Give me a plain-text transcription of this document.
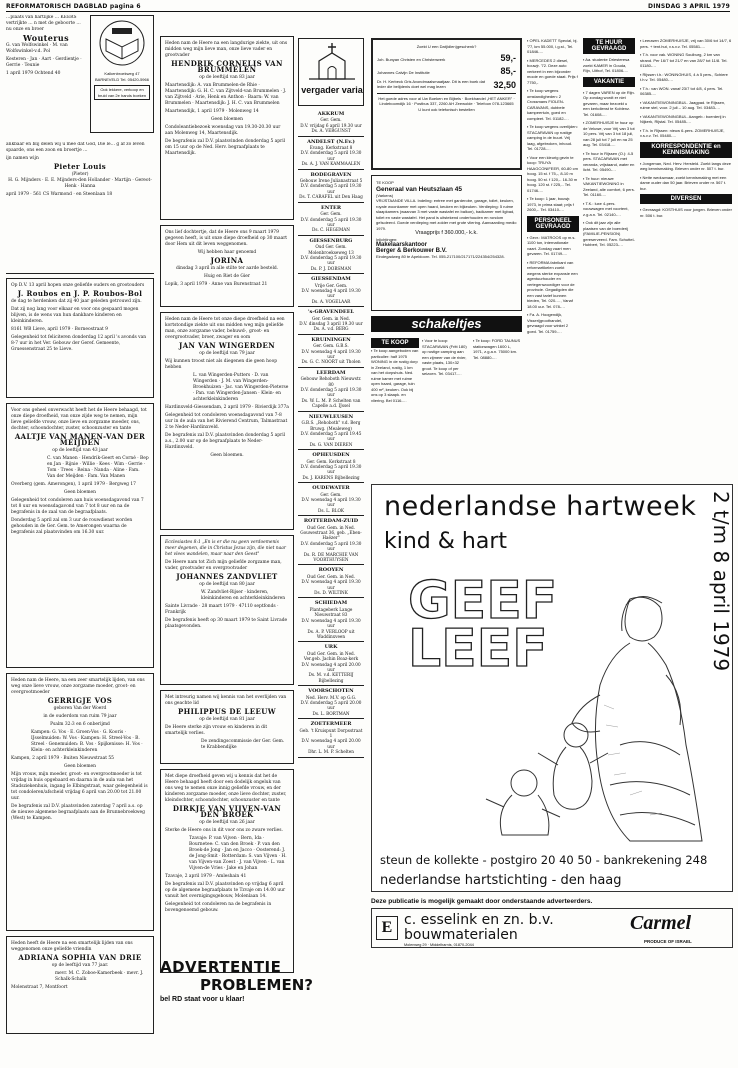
REFORMATORISCH DAGBLAD pagina 6	DINSDAG 3 APRIL 1979

…plaats van hartlijke … KEERS vertrijkte … n met de geboorte … nu onze en broer

Wouterus

G. van Wolfswinkel · M. van Wolfswinkel-v.d. Pol

Kesteren · Jan · Aart · Gerdientje · Gerrie · Teunie

1 april 1979 Ochtend 40	Kalkenbroekweg 47 BARNEVELD Tel. 05420-5966
Ook lekkere, verkoop en bruid van 2e hands boeken

ankbaar en blij delen wij u mee dat God, Die le… g af zo leven spaarde, ons een zoon en broertje …

ijn namen wijn

Pieter Louis
(Pieter)

H. G. Mijnders · E. E. Mijnders-den Hollander · Martijn · Gereot-Henk · Hanna

april 1979 · 561 CS Warmond · en Steenlaan 18

Op D.V. 13 april hopen onze geliefde ouders en grootouders

J. Roubos en J. P. Roubos-Bol

de dag te herdenken dat zij 40 jaar geleden getrouwd zijn.

Dat zij nog lang voor elkaar en voor ons gespaard mogen blijven, is de wens van hun dankbare kinderen en kleinkinderen.

8161 WB Lieve, april 1979 · Borneostraat 9

Gelegenheid tot feliciteren donderdag 12 april 's avonds van 8-7 uur in het Ver. Gebouw der Geref. Gemeente, Gruessenstraat 25 te Lieve.

Voor ons geheel onverwacht heeft het de Heere behaagd, tot onze diepe droefheid, van onze zijde weg te nemen, mijn lieve geliefde vrouw, onze lieve en zorgzame moeder, ons, dochter, schoondochter, zuster, schoonzuster en tante

AALTJE VAN MANEN-VAN DER MEIJDEN

op de leeftijd van 43 jaar

C. van Manen · Hendrik-Geert en Corné · Bep en Jan · Rijnie · Willie · Kees · Wim · Gerrie · Tom · Trees · Reina · Nanda · Aline · Fam. Van der Meijden · Fam. Van Manen

Overberg (gem. Amerongen), 1 april 1979 · Bergweg 17

Geen bloemen

Gelegenheid tot condoleren aan huis woensdagavond van 7 tot 8 uur en woensdagavond van 7 tot 8 uur en na de begrafenis in de zaal van de begraafplaats.

Donderdag 5 april zal om 3 uur de rouwdienst worden gehouden in de Ger. Gem. te Amerongen waarna de begrafenis zal plaatsvinden om 16.30 uur.

Heden nam de Heere, na een zeer smartelijk lijden, van ons weg onze lieve vrouw, onze zorgzame moeder, groot- en overgrootmoeder

GERRIGJE VOS

geboren Van der Woerd

in de ouderdom van ruim 79 jaar

Psalm 32:3 en 6 onberijmd

Kampen: G. Vos · E. Groen-Vos · G. Kooris · IJsselmuiden: W. Vos · Kampen: H. Streel-Vos · B. Streel · Genemuiden: B. Vos · Spijkenisse: H. Vos · Klein- en achterkleinkinderen

Kampen, 2 april 1979 · Buiten Nieuwstraat 55

Geen bloemen

Mijn vrouw, mijn moeder, groot- en overgrootmoeder is tot vrijdag in huis opgebaard en daarna in de aula van het Stadsziekenhuis, ingang Ie Elbingstraat, waar gelegenheid is tot condoleren/afscheid vrijdag 6 april van 20.00 tot 21.00 uur.

De begrafenis zal D.V. plaatsvinden zaterdag 7 april a.s. op de nieuwe algemene begraafplaats aan de Brunnebroekweg (West) te Kampen.

Heden heeft de Heere na een smartelijk lijden van ons weggenomen onze geliefde vriendin

ADRIANA SOPHIA VAN DRIE

op de leeftijd van 77 jaar.

mevr. M. C. Zoboe-Kamerbeek · mevr. J. Schalk-Schalk

Molenstraat 7, Montfoort

Heden nam de Heere na een langdurige ziekte, uit ons midden weg mijn lieve man, onze lieve vader en grootvader

HENDRIK CORNELIS VAN BRUMMELEN

op de leeftijd van 83 jaar

Maartensdijk: A. van Brummelen-de Rhie · Maartensdijk: G. H. C. van Zijtveld-van Brummelen · J. van Zijtveld · Arie, Henk en Anthon · Baarn: W. van Brummelen · Maartensdijk: J. H. C. van Brummelen

Maartensdijk, 1 april 1979 · Molenweg 14

Geen bloemen

Condoleantiebezoek woensdag van 19.30-20.30 uur aan Molenweg 14, Maartensdijk.

De begrafenis zal D.V. plaatsvinden donderdag 5 april om 15 uur op de Ned. Herv. begraafplaats te Maartensdijk.

Ons lief dochtertje, dat de Heere ons 9 maart 1979 gegeven heeft, is uit onze diepe droefheid op 30 maart door Hem uit dit leven weggenomen.

Wij hebben haar genoemd

JORINA

dinsdag 3 april in alle stilte ter aarde besteld.

Huig en Riet de Gier

Lopik, 3 april 1979 · Anne van Burenstraat 21

Heden nam de Heere tot onze diepe droefheid na een kortstondige ziekte uit ons midden weg mijn geliefde man, onze zorgzame vader, behuwd-, groot- en overgrootvader, broer, zwager en oom

JAN VAN WINGERDEN

op de leeftijd van 79 jaar

Wij kunnen troost niet als diegenen die geen hoop hebben

L. van Wingerden-Putters · D. van Wingerden · J. M. van Wingerden-Broekhuizen · Jac. van Wingerden-Pieterse · Pan. van Wingerden-Jansen · Klein- en achterkleinkinderen

Hardinxveld-Giessendam, 2 april 1979 · Rivierdijk 377a

Gelegenheid tot condoleren woensdagavond van 7-8 uur in de aula van het Rivierend Centrum, Talmastraat 2 te Neder-Hardinxveld.

De begrafenis zal D.V. plaatsvinden donderdag 5 april a.s., 2.00 uur op de begraafplaats te Neder-Hardinxveld.

Geen bloemen.

Ecclesiastes 8:1 „En is er die nu geen verdoemenis meer degenen, die in Christus Jezus zijn, die niet naar het vlees wandelen, maar naar den Geest"

De Heere nam tot Zich mijn geliefde zorgzame man, vader, grootvader en overgrootvader

JOHANNES ZANDVLIET

op de leeftijd van 80 jaar

W. Zandvliet-Rijser · kinderen, kleinkinderen en achterkleinkinderen

Sainte Livrade · 28 maart 1979 · 47110 septfonds · Frankrijk

De begrafenis heeft op 30 maart 1979 te Saint Livrade plaatsgevonden.

Met intreurig namen wij kennis van het overlijden van ons geachte lid

PHILIPPUS DE LEEUW

op de leeftijd van 81 jaar

De Heere sterke zijn vrouw en kinderen in dit smartelijk verlies.

De zendingscommissie der Ger. Gem. te Krabbendijke

Met diepe droefheid geven wij u kennis dat het de Heere behaagd heeft door een dodelijk ongeluk van ons weg te nemen onze innig geliefde vrouw, en der kinderen zorgzame moeder, onze lieve dochter, zuster, kleindochter, schoondochter, schoonzuster en tante

DIRKJE VAN VIJVEN-VAN DEN BROEK

op de leeftijd van 26 jaar

Sterke de Heere ons in dit voor ons zo zware verlies.

Tzavaje: P. van Vijven · Bern, Ida · Bournetee: C. van den Broek · P. van den Broek-de Jong · Jan en Jacco · Oosterend: J. de Jong-Smit · Rotterdam: S. van Vijven · H. van Vijven-van Zoest · J. van Vijven · L. van Vijven-de Vries · Jake en Johan

Tzavaje, 2 april 1979 · Amleshain 41

De begrafenis zal D.V. plaatsvinden op vrijdag 6 april op de algemene begraafplaats te Tzvaje om 14.00 uur vanuit het overnigingsgebouw, Molenlaan 14.

Gelegenheid tot condoleren na de begrafenis in bovengenoemd gebouw.

ADVERTENTIE
PROBLEMEN?
bel RD staat voor u klaar!
vergader varia
AKKRUM
Ger. Gem.
D.V. vrijdag 6 april 19.30 uur
Ds. A. VERGUNST
ANDELST (N.Ev.)
Evang. Kerkstraat 8
D.V. donderdag 5 april 19.30 uur
Ds. A. J. VAN KAMMAALEN
BODEGRAVEN
Gebouw Irene Julianastraat 5
D.V. donderdag 5 april 19.30 uur
Ds. T. CARAFEL uit Den Haag
ENTER
Ger. Gem.
D.V. donderdag 5 april 19.30 uur
Ds. C. HEGEMAN
GIESSENBURG
Oud Ger. Gem. Molenbroekseweg 13
D.V. donderdag 5 april 19.30 uur
Ds. P. J. DOBSMAN
GIESSENDAM
Vrije Ger. Gem.
D.V. woensdag 4 april 19.30 uur
Ds. A. VOGELAAR
's-GRAVENDEEL
Ger. Gem. in Ned.
D.V. dinsdag 3 april 19.30 uur
Ds. A. v.d. BERG
KRUININGEN
Ger. Gem. G.B.S.
D.V. woensdag 4 april 19.30 uur
Ds. G. C. NOORT uit Tholen
LEERDAM
Gebouw Rehoboth Nieuwstr. 80
D.V. donderdag 5 april 19.30 uur
Ds. W. L. M. P. Schelten van Capelle a.d. IJssel
NIEUWLEUSEN
G.B.S. „Rehoboth" v.d. Berg Bruwg. (Mealeweg)
D.V. donderdag 5 april 19.45 uur
Ds. G. VAN DIEREN
OPHEUSDEN
Ger. Gem. Kerkstraat 8
D.V. donderdag 5 april 19.30 uur
Ds. J. KARENS Bijbellezing
OUDEWATER
Ger. Gem.
D.V. woensdag 4 april 19.30 uur
Ds. L. BLOK
ROTTERDAM-ZUID
Oud Ger. Gem. in Ned. Gouwestraat 36, geb. „Eben-Haëzer"
D.V. donderdag 5 april 19.30 uur
Ds. R. DE MARCHIE VAN VOORTHUYSEN
ROOYEN
Oud Ger. Gem. in Ned.
D.V. woensdag 4 april 19.30 uur
Ds. D. WILTINK
SCHIEDAM
Plantageberk Lange Nieuwstraat 83
D.V. woensdag 4 april 19.30 uur
Ds. A. P. VERLOOP uit Waddinxveen
URK
Oud Ger. Gem. in Ned. Ver.geb. Jachin Boaz-kerk
D.V. woensdag 4 april 20.00 uur
Ds. M. v.d. KETTERIJ Bijbellezing
VOORSCHOTEN
Ned. Herv. M.V. op G.G.
D.V. donderdag 5 april 20.00 uur
Ds. L. BORTMAN
ZOETERMEER
Geb. 't Kruispunt Dorpsstraat 1
D.V. woensdag 4 april 20.00 uur
Dhr. L. M. P. Schelten
Zoekt U een Dat(idlen)geschenk?
Joh. Bunyan Christen en Christenwerk	59,-
Johannes Calvijn De Institutie	85,-
Dr. H. Kerbeck Gris Avondmaalsmaatjaar. Dit is een boek dat ieder die belijdenis doet wel mag lezen	32,50
Het goede adres voor al Uw Boeken en Bijbels · Boekhandel „HET ANKER" · Lindeboomdijk 16 · Postbus 337, 2260 AH Zeewolde · Telefoon 078-123665
U kunt ook telefonisch bestellen
TE KOOP
Generaal van Heutszlaan 45
(Varkens)
VRIJSTAANDE VILLA. Indeling: entree met garderobe, garage, toilet, keuken, royale woonkamer met open haard, keuken en bijkeuken. Verdieping: 5 ruime slaapkamers (waarvan 3 met vaste wastafel en balkon), badkamer met ligbad, toilet en vaste wastafel. Het pand is uitstekend onderhouden en rondom geïsoleerd. Goede verdieping met zolder met grote vliering. Aanvaarding medio 1979.
Vraagprijs f 360.000,- k.k.
Inlichtingen:
Makelaarskantoor
Berger & Berkouwer B.V.
Eindegadweg 80 te Apeldoorn. Tel. 055-217100/217171/224354/254328.
schakeltjes
TE KOOP
▪ Te koop aangeboden van particulier: half 1975 WONING in de rustig dorp in Zeeland, rustig, 1 km van het dorpshuis. Ned. ruime kamer met ruime open haard, garage, tuin 400 m², keuken. Ook bij ons op 3 slaapk. en vliering. Bel 0116-…
▪ Voor te koop: STACARAVAN (Fritt 180) op rustige camping aan een zijmeer van de rivier, vaste plaats, 130×32 groot. Te koop of per seizoen. Tel. 03417-…
▪ Te koop: FORD TAUNUS stationwagen 1600 L, 1971, z.g.a.n. 75000 km. Tel. 08880-…
▪ OPEL KADETT Special, bj. '77, km 55.000, i.g.st., Tel. 01846-…
▪ MERCEDES 2 diesel, bouwjr. '72. Deze auto verkeert in een bijzonder mooie en goede staat. Prijs f 7750,-
▪ Te koop wegens omstandigheden: 2 Crossmans FIOLEN-CARAVANS, dubbele kampeertuin, goed en compleet. Tel. 01182-…
▪ Te koop wegens overlijden: STACARAVAN op rustige camping in de buurt. Vrij laag, afgebroken, inhoud. Tel. 01728-…
▪ Voor een kleurig gezin te koop: TRUYA HAAGCONIFEER, 60-80 cm hoog. 15 st. f 75,-, 8-10 m hoog. 50 st. f 120,-. 16-30 m hoog. 120 st. f 225,-. Tel. 01746-…
▪ Te koop: 1 jaar, bouwjr. 1973, in prima staat; prijs f 2600,-. Tel. 03410-…
PERSONEEL GEVRAAGD
▪ Gevr.: MATROOS op m.s. 1100 ton, internationale vaart. Zondag vaart men gevaren. Tel. 01749-…
▪ REFORMA fabrikant van reformartikelen zoekt wegens sterke expansie een agentuurhouder en vertegenwoordiger voor de provincie. Gegadigden die een vast tarief kunnen bieden, Tel. 020-…, Vanaf 18.00 uur. Tel. 078-…
▪ Fa. A. Hoogendijk, Visserijgroothandel, gevraagd voor winkel 2 goed. Tel. 01759-…
TE HUUR GEVRAAGD
▪ Aa. studente Driesteresa zoekt KAMER in Gouda, Rijn, Uithof, Tel. 01806-…
VAKANTIE
▪ 7 dagen VAREN op de Rijn. Op zondag wordt er niet gevaren, maar bezoekt u een kerkdienst te Koblenz. Tel. 01608-…
▪ ZOMERHUISJE te huur op de Veluwe, voor Vrij van 3 tot 10 pers. Vrij van 3 tot 18 juli, van 28 juli tot 7 juli en na 25 aug. Tel. 03418-…
▪ Te huur in Rijssen (O.): 4-5 pers. STACARAVAN met veranda, vrijstaand, water en licht. Tel. 05490-…
▪ Te huur: nieuwe VAKANTIEWONING in Zeeland, alle comfort, 6 pers. Tel. 01160-…
▪ T.K.: luxe 4-pers. vouwwagen met voortent, z.g.a.n. Tel. 02140-…
▪ Ook dit jaar zijn alle plaatsen van de boerderij (FAMILIE-PENSION) gereserveerd. Fam. Schuttel-Hubbert, Tel. 05223-…
▪ Leeuwen ZOMERHUISJE, vrij van 30/6 tot 14/7, 6 pers. + tent.hut, v.s.v.v. Tel. 05581-…
▪ T.h. voor vak. WONING Soulburg, 2 km van strand. Per 16/7 tot 21/7 en van 28/7 tot 11/8. Tel. 01180-…
▪ Rijssen t.h.: WONINGHUIS, 4 à 5 pers., Schiere t.h.v. Tel. 05480-…
▪ T.h.: van WON. vanaf 23/7 tot 4/8, 4 pers. Tel. 06385-…
▪ VAKANTIEWONINGBUL. Jaagpad. te Rijssen, ruime stel, voor. 2 juli – 10 aug. Tel. 03483-…
▪ VAKANTIEWONINGBUL. Aangeb.: boerderij in Nijkerk, Rijstal. Tel. 05485-…
▪ T.h. in Rijssen: nieuw 6-pers. ZOMERHUISJE, v.s.v.v. Tel. 05480-…
KORRESPONDENTIE en KENNISMAKING
▪ Jongeman, Ned. Herv. Hersteld. Zoekt langs deze weg kennismaking. Brieven onder nr. 507 t. bur.
▪ Nette weduwnaar, zoekt kennismaking met een dame ouder dan 50 jaar. Brieven onder nr. 567 t. bur.
DIVERSEN
▪ Gevraagd: KOSTHUIS voor jongen. Brieven onder nr. 506 t. bur.
nederlandse hartweek
kind & hart
GEEF
LEEF	2 t/m 8 april 1979
steun de kollekte - postgiro 20 40 50 - bankrekening 248
nederlandse hartstichting - den haag
Deze publicatie is mogelijk gemaakt door onderstaande adverteerders.
E c. esselink en zn. b.v.
bouwmaterialen
Molenweg 29 · Middelharnis, 01870-2044
Carmel
PRODUCE OF ISRAEL
